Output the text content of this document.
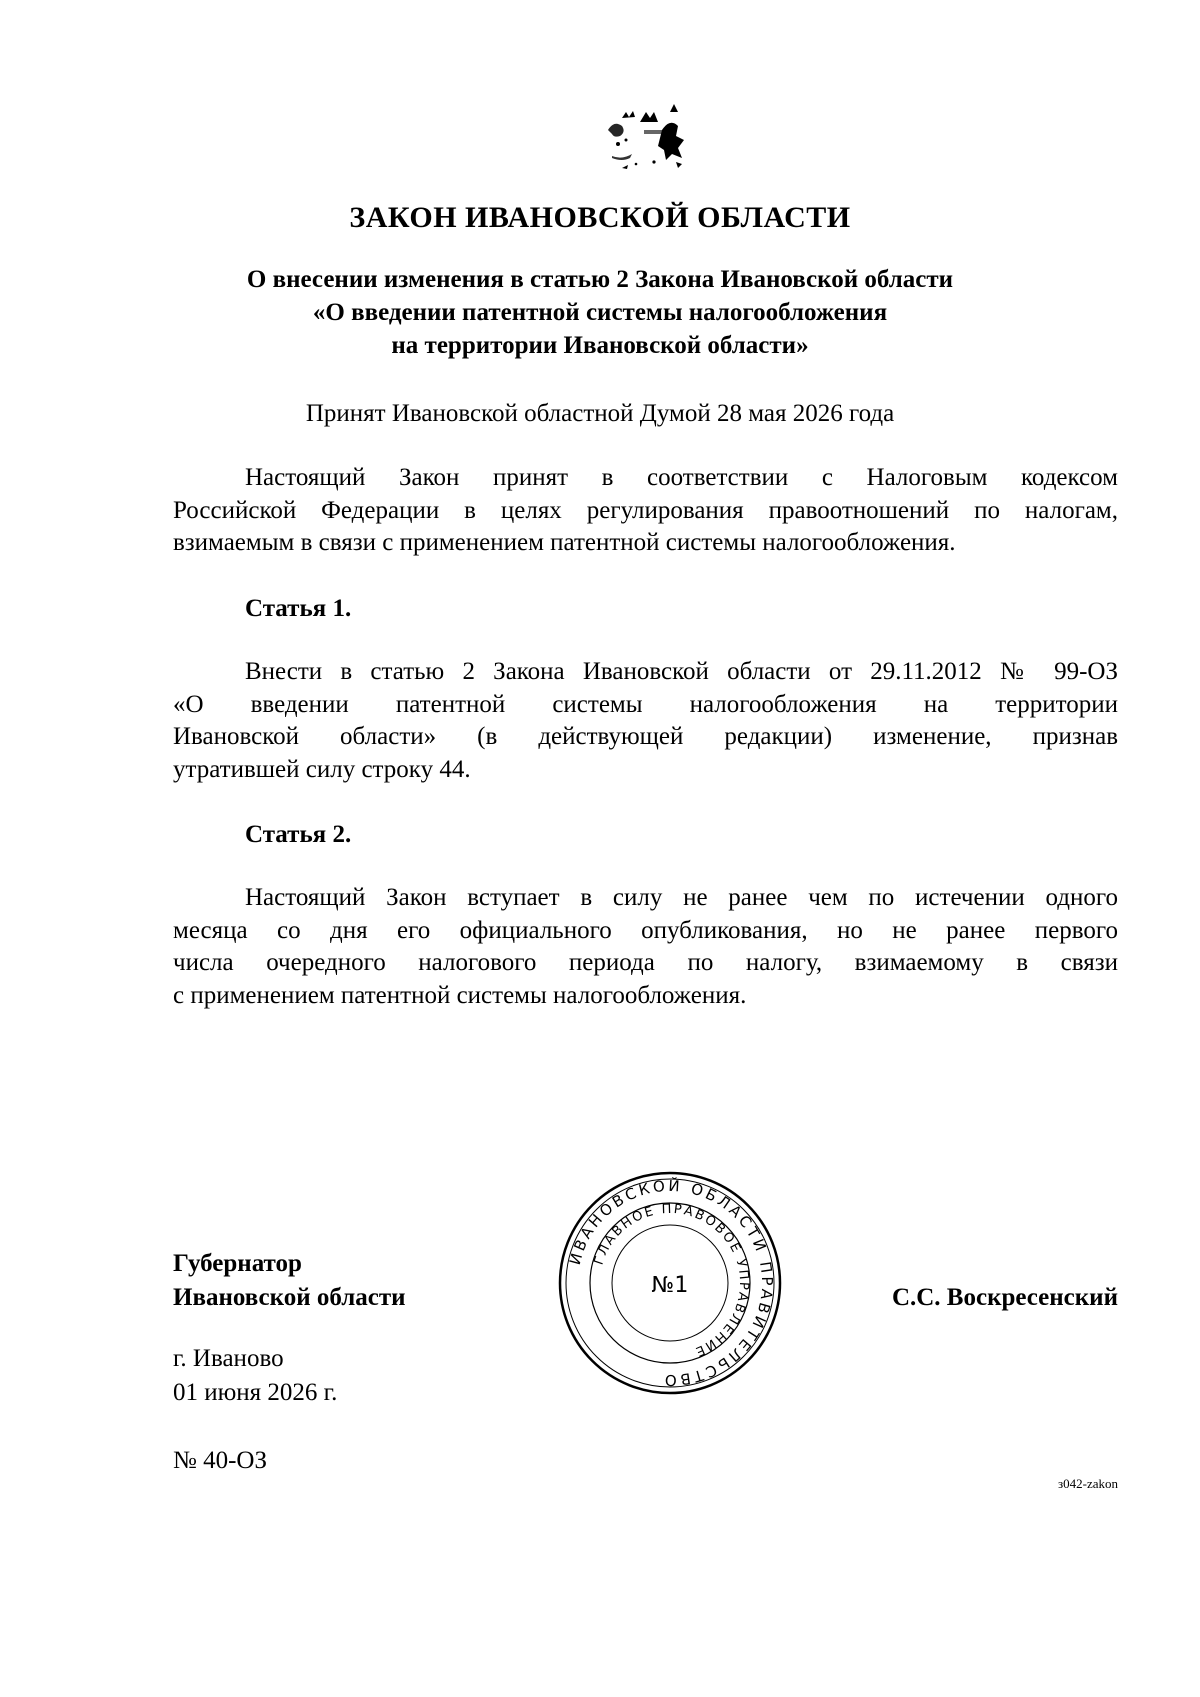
ЗАКОН ИВАНОВСКОЙ ОБЛАСТИ
О внесении изменения в статью 2 Закона Ивановской области
«О введении патентной системы налогообложения
на территории Ивановской области»
Принят Ивановской областной Думой 28 мая 2026 года
Настоящий Закон принят в соответствии с Налоговым кодексом
Российской Федерации в целях регулирования правоотношений по налогам,
взимаемым в связи с применением патентной системы налогообложения.
Статья 1.
Внести в статью 2 Закона Ивановской области от 29.11.2012 № 99-ОЗ
«О введении патентной системы налогообложения на территории
Ивановской области» (в действующей редакции) изменение, признав
утратившей силу строку 44.
Статья 2.
Настоящий Закон вступает в силу не ранее чем по истечении одного
месяца со дня его официального опубликования, но не ранее первого
числа очередного налогового периода по налогу, взимаемому в связи
с применением патентной системы налогообложения.
Губернатор
Ивановской области	С.С. Воскресенский
ИВАНОВСКОЙ ОБЛАСТИ ПРАВИТЕЛЬСТВО
ГЛАВНОЕ ПРАВОВОЕ УПРАВЛЕНИЕ
№1
г. Иваново
01 июня 2026 г.
№ 40-ОЗ
з042-zakon
